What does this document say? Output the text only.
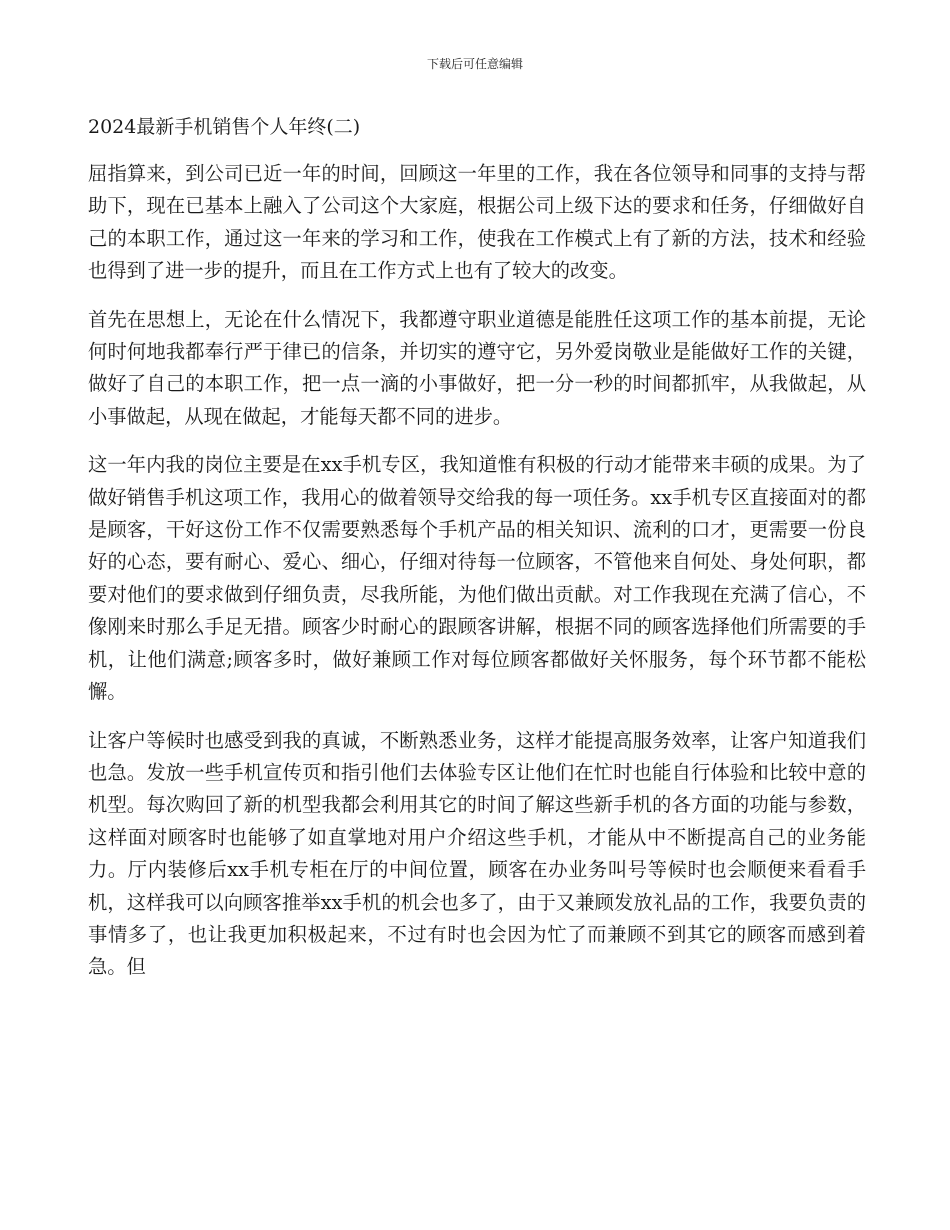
下载后可任意编辑
2024最新手机销售个人年终(二)

屈指算来，到公司已近一年的时间，回顾这一年里的工作，我在各位领导和同事的支持与帮助下，现在已基本上融入了公司这个大家庭，根据公司上级下达的要求和任务，仔细做好自己的本职工作，通过这一年来的学习和工作，使我在工作模式上有了新的方法，技术和经验也得到了进一步的提升，而且在工作方式上也有了较大的改变。

首先在思想上，无论在什么情况下，我都遵守职业道德是能胜任这项工作的基本前提，无论何时何地我都奉行严于律已的信条，并切实的遵守它，另外爱岗敬业是能做好工作的关键，做好了自己的本职工作，把一点一滴的小事做好，把一分一秒的时间都抓牢，从我做起，从小事做起，从现在做起，才能每天都不同的进步。

这一年内我的岗位主要是在xx手机专区，我知道惟有积极的行动才能带来丰硕的成果。为了做好销售手机这项工作，我用心的做着领导交给我的每一项任务。xx手机专区直接面对的都是顾客，干好这份工作不仅需要熟悉每个手机产品的相关知识、流利的口才，更需要一份良好的心态，要有耐心、爱心、细心，仔细对待每一位顾客，不管他来自何处、身处何职，都要对他们的要求做到仔细负责，尽我所能，为他们做出贡献。对工作我现在充满了信心，不像刚来时那么手足无措。顾客少时耐心的跟顾客讲解，根据不同的顾客选择他们所需要的手机，让他们满意;顾客多时，做好兼顾工作对每位顾客都做好关怀服务，每个环节都不能松懈。

让客户等候时也感受到我的真诚，不断熟悉业务，这样才能提高服务效率，让客户知道我们也急。发放一些手机宣传页和指引他们去体验专区让他们在忙时也能自行体验和比较中意的机型。每次购回了新的机型我都会利用其它的时间了解这些新手机的各方面的功能与参数，这样面对顾客时也能够了如直掌地对用户介绍这些手机，才能从中不断提高自己的业务能力。厅内装修后xx手机专柜在厅的中间位置，顾客在办业务叫号等候时也会顺便来看看手机，这样我可以向顾客推举xx手机的机会也多了，由于又兼顾发放礼品的工作，我要负责的事情多了，也让我更加积极起来，不过有时也会因为忙了而兼顾不到其它的顾客而感到着急。但
